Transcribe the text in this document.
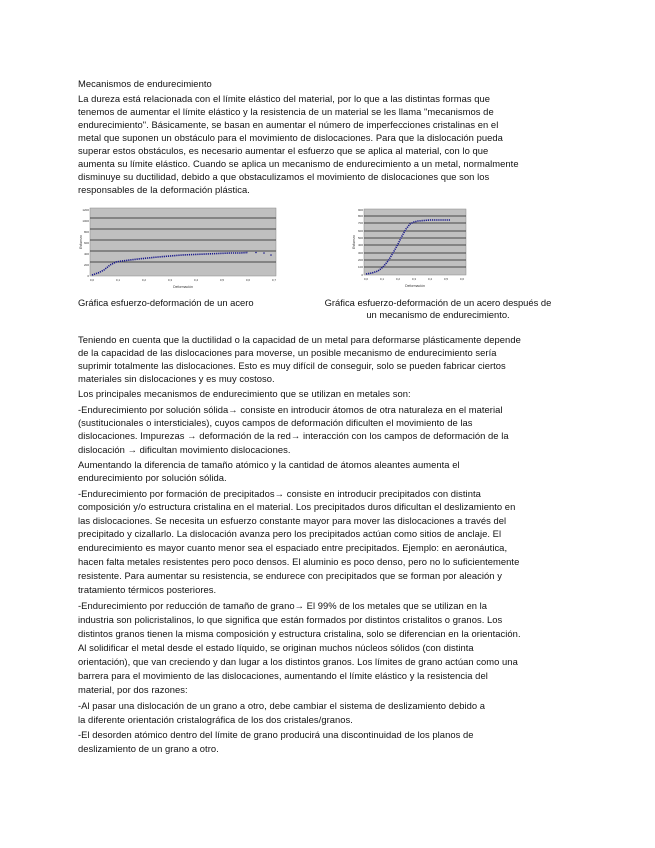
Mecanismos de endurecimiento
La dureza está relacionada con el límite elástico del material, por lo que a las distintas formas que
tenemos de aumentar el límite elástico y la resistencia de un material se les llama "mecanismos de
endurecimiento". Básicamente, se basan en aumentar el número de imperfecciones cristalinas en el
metal que suponen un obstáculo para el movimiento de dislocaciones. Para que la dislocación pueda
superar estos obstáculos, es necesario aumentar el esfuerzo que se aplica al material, con lo que
aumenta su límite elástico. Cuando se aplica un mecanismo de endurecimiento a un metal, normalmente
disminuye su ductilidad, debido a que obstaculizamos el movimiento de dislocaciones que son los
responsables de la deformación plástica.
0
200
400
600
800
1000
1200
0,0	0,1	0,2	0,3	0,4	0,5	0,6	0,7
Deformación
Esfuerzo
Gráfica esfuerzo-deformación de un acero
0
100
200
300
400
500
600
700
800
900
0,0	0,1	0,2	0,3	0,4	0,5	0,6
Deformación
Esfuerzo
Gráfica esfuerzo-deformación de un acero después de
un mecanismo de endurecimiento.
Teniendo en cuenta que la ductilidad o la capacidad de un metal para deformarse plásticamente depende
de la capacidad de las dislocaciones para moverse, un posible mecanismo de endurecimiento sería
suprimir totalmente las dislocaciones. Esto es muy difícil de conseguir, solo se pueden fabricar ciertos
materiales sin dislocaciones y es muy costoso.
Los principales mecanismos de endurecimiento que se utilizan en metales son:
-Endurecimiento por solución sólida→ consiste en introducir átomos de otra naturaleza en el material
(sustitucionales o intersticiales), cuyos campos de deformación dificulten el movimiento de las
dislocaciones. Impurezas → deformación de la red→ interacción con los campos de deformación de la
dislocación → dificultan movimiento dislocaciones.
Aumentando la diferencia de tamaño atómico y la cantidad de átomos aleantes aumenta el
endurecimiento por solución sólida.
-Endurecimiento por formación de precipitados→ consiste en introducir precipitados con distinta
composición y/o estructura cristalina en el material. Los precipitados duros dificultan el deslizamiento en
las dislocaciones. Se necesita un esfuerzo constante mayor para mover las dislocaciones a través del
precipitado y cizallarlo. La dislocación avanza pero los precipitados actúan como sitios de anclaje. El
endurecimiento es mayor cuanto menor sea el espaciado entre precipitados. Ejemplo: en aeronáutica,
hacen falta metales resistentes pero poco densos. El aluminio es poco denso, pero no lo suficientemente
resistente. Para aumentar su resistencia, se endurece con precipitados que se forman por aleación y
tratamiento térmicos posteriores.
-Endurecimiento por reducción de tamaño de grano→ El 99% de los metales que se utilizan en la
industria son policristalinos, lo que significa que están formados por distintos cristalitos o granos. Los
distintos granos tienen la misma composición y estructura cristalina, solo se diferencian en la orientación.
Al solidificar el metal desde el estado líquido, se originan muchos núcleos sólidos (con distinta
orientación), que van creciendo y dan lugar a los distintos granos. Los límites de grano actúan como una
barrera para el movimiento de las dislocaciones, aumentando el límite elástico y la resistencia del
material, por dos razones:
-Al pasar una dislocación de un grano a otro, debe cambiar el sistema de deslizamiento debido a
la diferente orientación cristalográfica de los dos cristales/granos.
-El desorden atómico dentro del límite de grano producirá una discontinuidad de los planos de
deslizamiento de un grano a otro.
